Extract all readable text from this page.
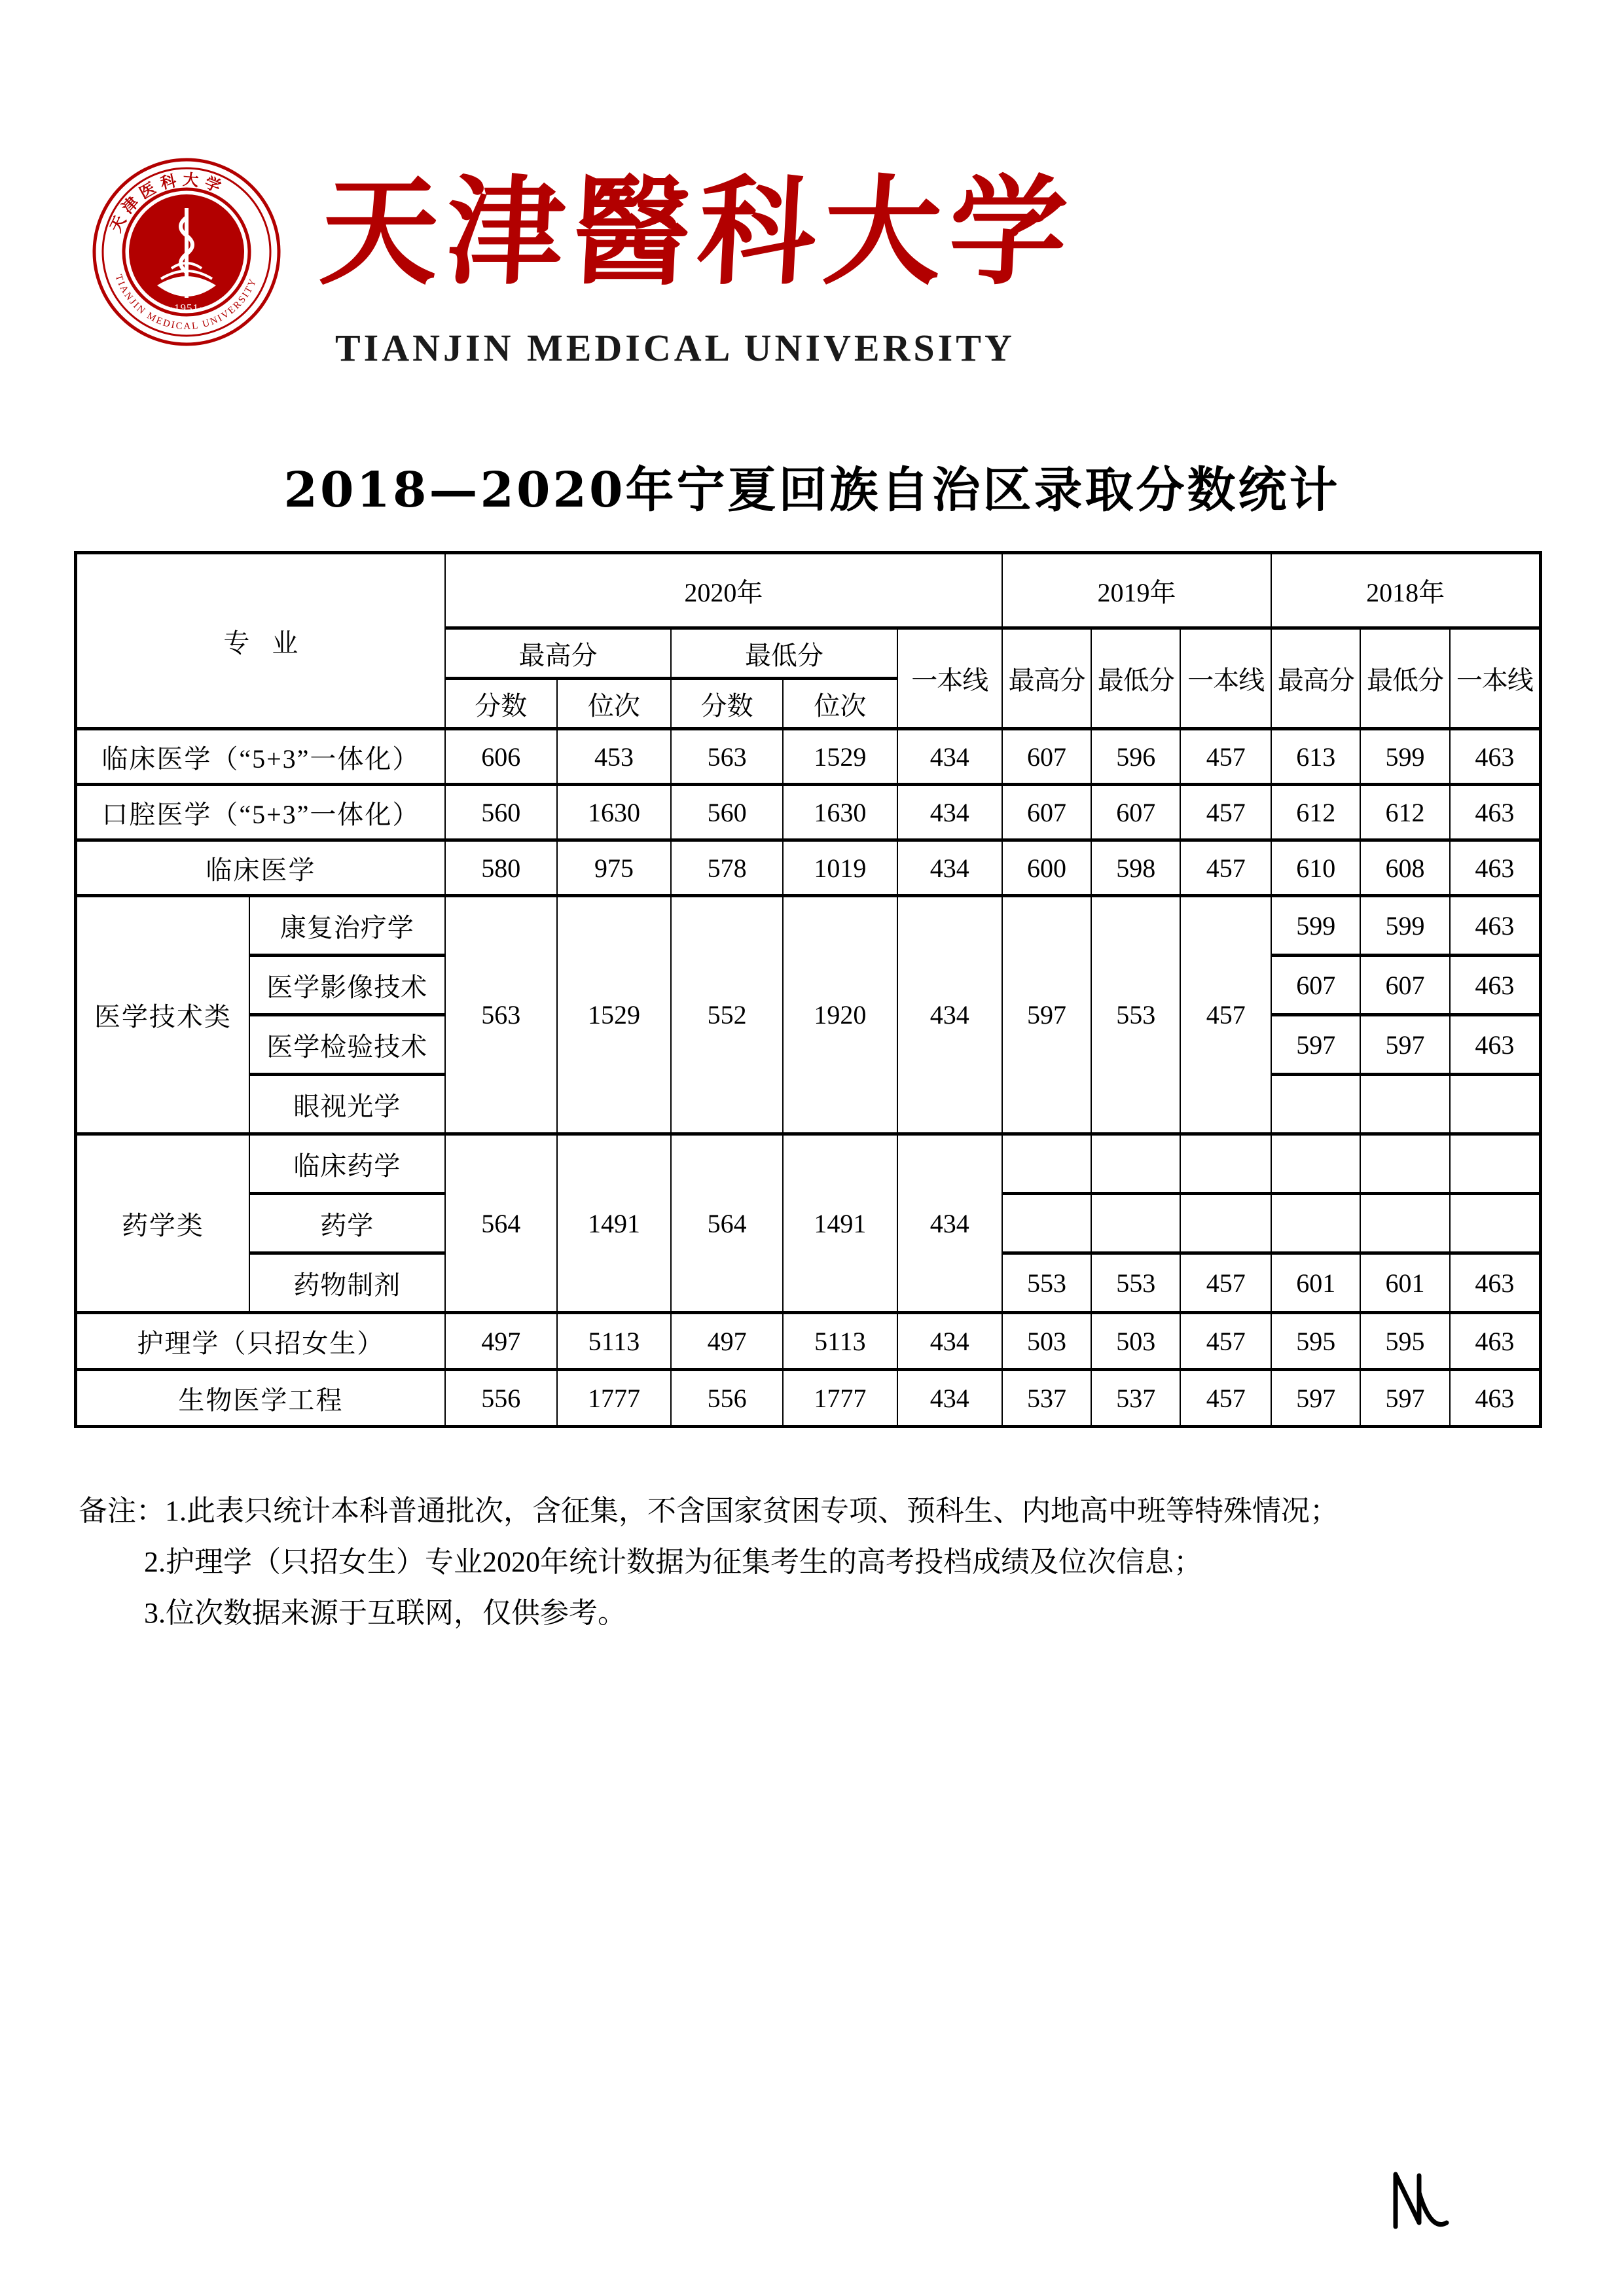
·1951·
TIANJIN MEDICAL UNIVERSITY
天津医科大学 天津醫科大学
TIANJIN MEDICAL UNIVERSITY
2018—2020年宁夏回族自治区录取分数统计
专业		2020年					2019年			2018年		
		最高分		最低分		一本线	最高分	最低分	一本线	最高分	最低分	一本线
		分数	位次	分数	位次							
临床医学（“5+3”一体化）		606	453	563	1529	434	607	596	457	613	599	463
口腔医学（“5+3”一体化）		560	1630	560	1630	434	607	607	457	612	612	463
临床医学		580	975	578	1019	434	600	598	457	610	608	463
医学技术类	康复治疗学	563	1529	552	1920	434	597	553	457	599	599	463
	医学影像技术									607	607	463
	医学检验技术									597	597	463
	眼视光学											
药学类	临床药学	564	1491	564	1491	434						
	药学											
	药物制剂						553	553	457	601	601	463
护理学（只招女生）		497	5113	497	5113	434	503	503	457	595	595	463
生物医学工程		556	1777	556	1777	434	537	537	457	597	597	463
备注：1.此表只统计本科普通批次，含征集，不含国家贫困专项、预科生、内地高中班等特殊情况；
2.护理学（只招女生）专业2020年统计数据为征集考生的高考投档成绩及位次信息；
3.位次数据来源于互联网，仅供参考。
